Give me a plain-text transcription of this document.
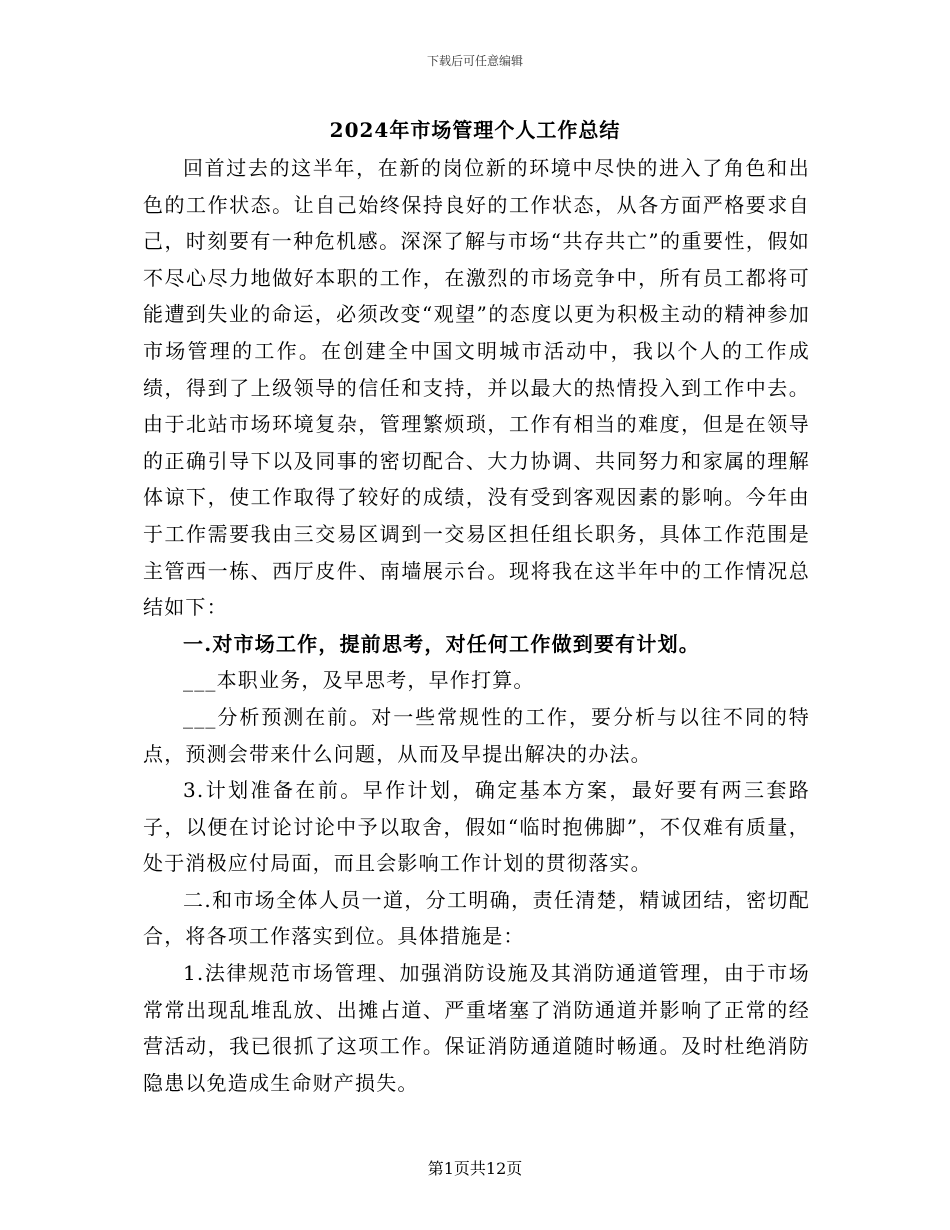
下载后可任意编辑
2024年市场管理个人工作总结

回首过去的这半年，在新的岗位新的环境中尽快的进入了角色和出色的工作状态。让自己始终保持良好的工作状态，从各方面严格要求自己，时刻要有一种危机感。深深了解与市场“共存共亡”的重要性，假如不尽心尽力地做好本职的工作，在激烈的市场竞争中，所有员工都将可能遭到失业的命运，必须改变“观望”的态度以更为积极主动的精神参加市场管理的工作。在创建全中国文明城市活动中，我以个人的工作成绩，得到了上级领导的信任和支持，并以最大的热情投入到工作中去。由于北站市场环境复杂，管理繁烦琐，工作有相当的难度，但是在领导的正确引导下以及同事的密切配合、大力协调、共同努力和家属的理解体谅下，使工作取得了较好的成绩，没有受到客观因素的影响。今年由于工作需要我由三交易区调到一交易区担任组长职务，具体工作范围是主管西一栋、西厅皮件、南墙展示台。现将我在这半年中的工作情况总结如下：

一.对市场工作，提前思考，对任何工作做到要有计划。

___本职业务，及早思考，早作打算。

___分析预测在前。对一些常规性的工作，要分析与以往不同的特点，预测会带来什么问题，从而及早提出解决的办法。

3.计划准备在前。早作计划，确定基本方案，最好要有两三套路子，以便在讨论讨论中予以取舍，假如“临时抱佛脚”，不仅难有质量，处于消极应付局面，而且会影响工作计划的贯彻落实。

二.和市场全体人员一道，分工明确，责任清楚，精诚团结，密切配合，将各项工作落实到位。具体措施是：

1.法律规范市场管理、加强消防设施及其消防通道管理，由于市场常常出现乱堆乱放、出摊占道、严重堵塞了消防通道并影响了正常的经营活动，我已很抓了这项工作。保证消防通道随时畅通。及时杜绝消防隐患以免造成生命财产损失。

第1页共12页
